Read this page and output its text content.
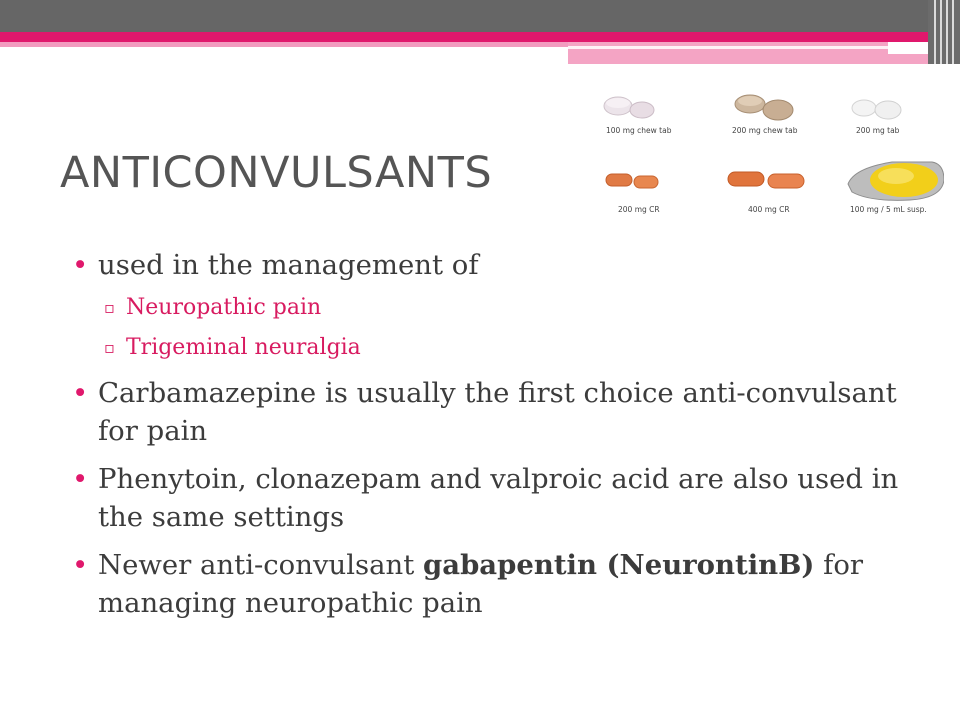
ANTICONVULSANTS
100 mg chew tab	200 mg chew tab	200 mg tab
200 mg CR	400 mg CR	100 mg / 5 mL susp.
• used in the management of
▫ Neuropathic pain
▫ Trigeminal neuralgia
• Carbamazepine is usually the first choice anti-convulsant for pain
• Phenytoin, clonazepam and valproic acid are also used in the same settings
• Newer anti-convulsant gabapentin (NeurontinB) for managing neuropathic pain
